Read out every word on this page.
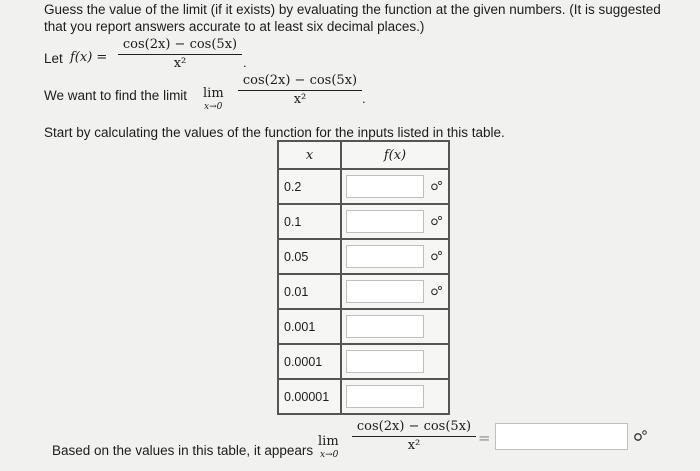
Guess the value of the limit (if it exists) by evaluating the function at the given numbers. (It is suggested
that you report answers accurate to at least six decimal places.)
Let f(x) =
cos(2x) − cos(5x)
x²	.
We want to find the limit lim
x→0
cos(2x) − cos(5x)
x²	.
Start by calculating the values of the function for the inputs listed in this table.
x	f(x)
0.2	

0.1	

0.05	

0.01	

0.001	

0.0001	

0.00001	
Based on the values in this table, it appears
lim
x→0
cos(2x) − cos(5x)
x²	=
